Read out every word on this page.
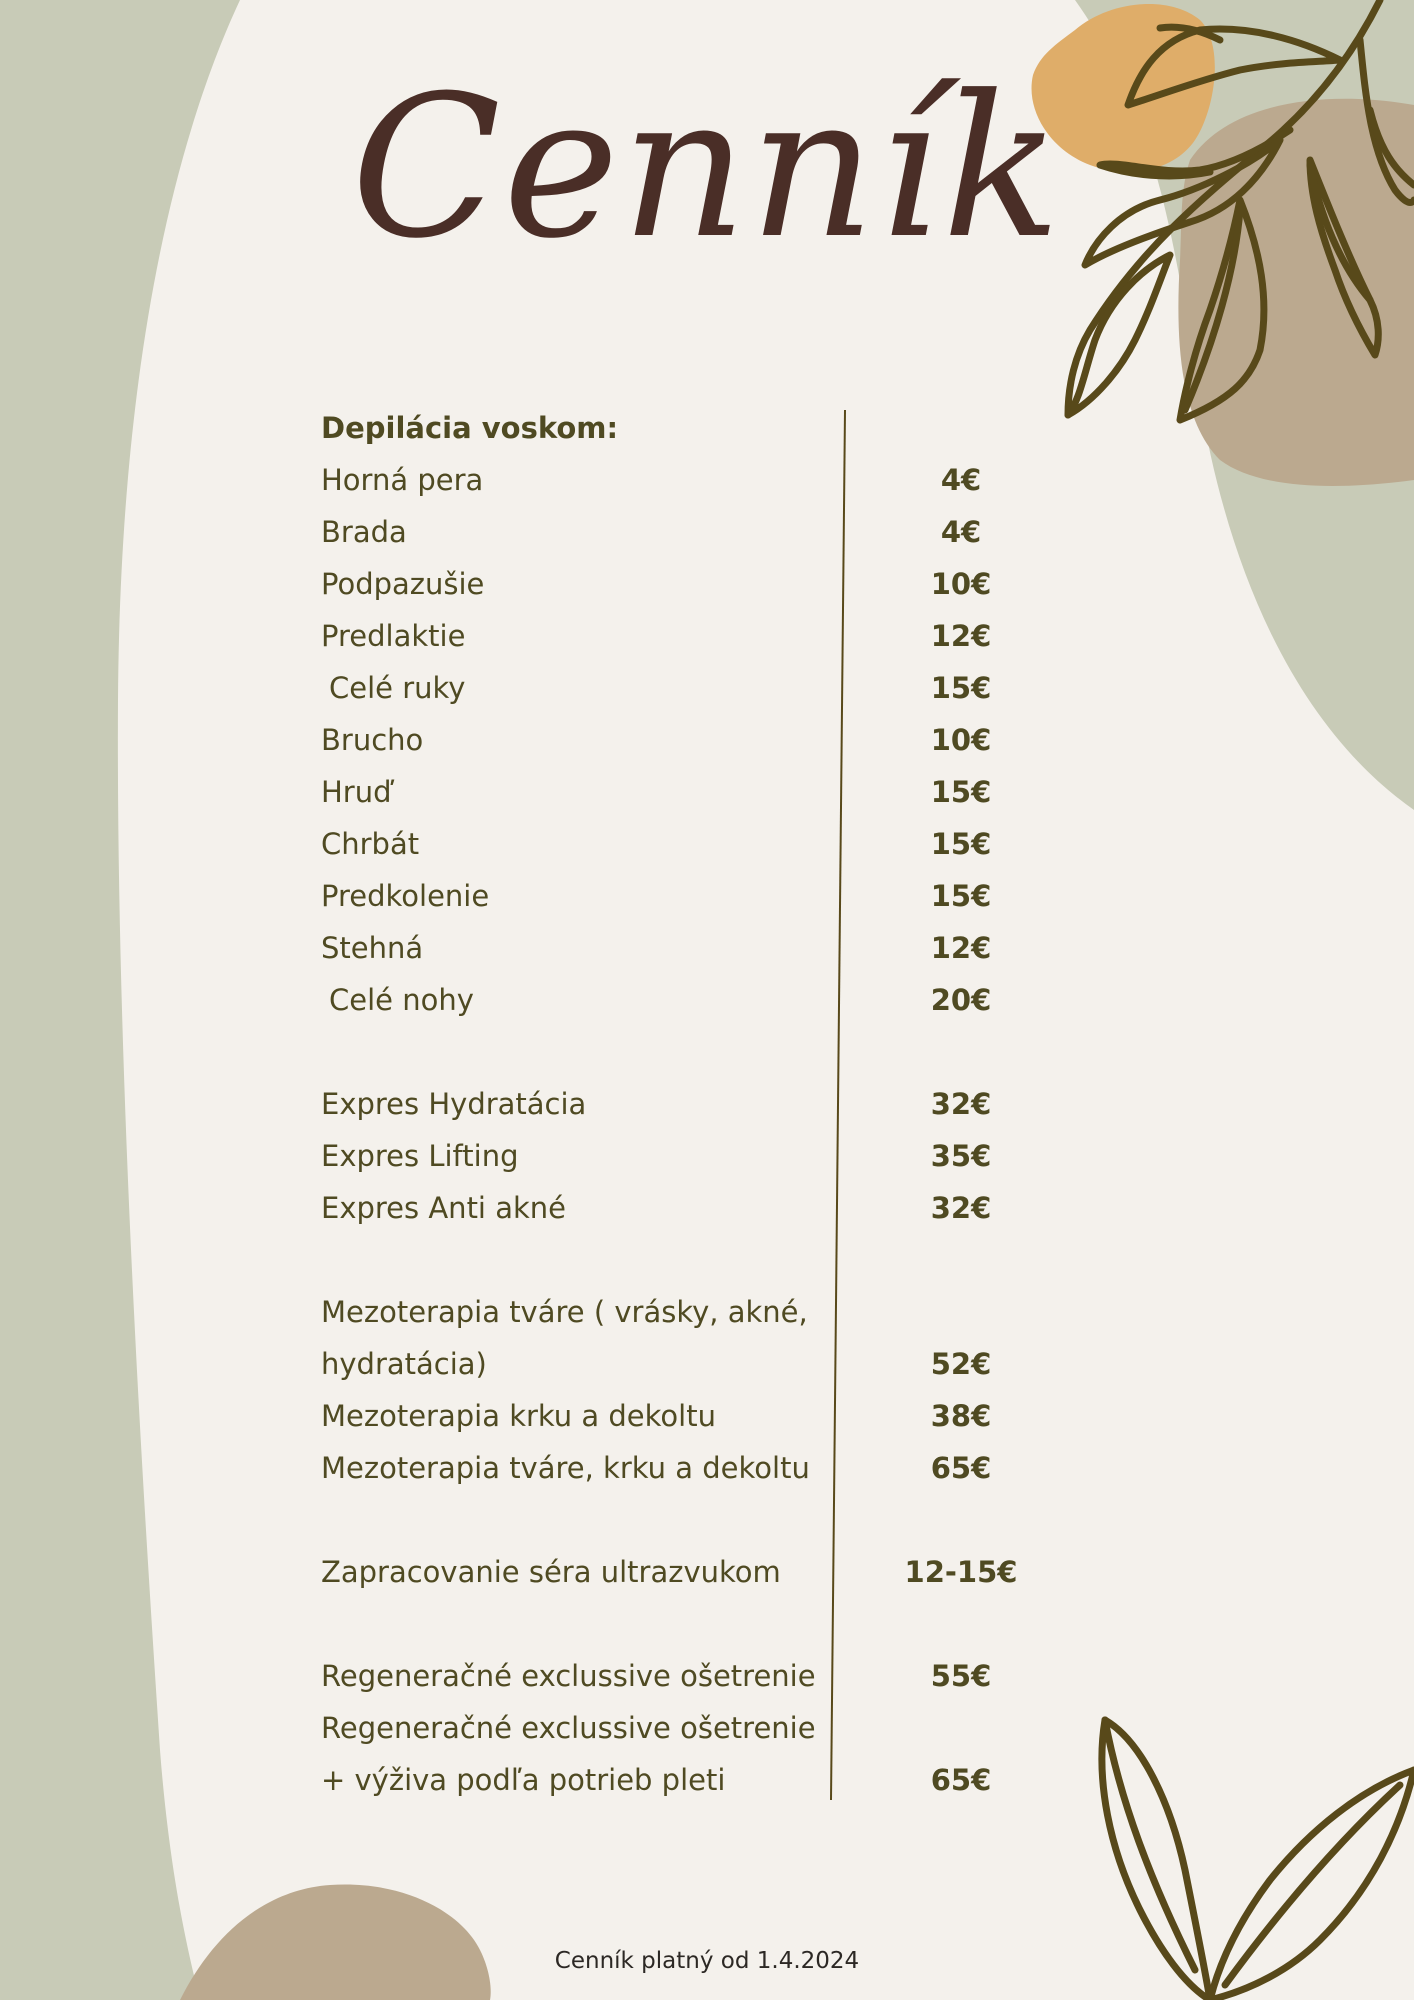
Cenník
Depilácia voskom:
Horná pera	4€
Brada	4€
Podpazušie	10€
Predlaktie	12€
Celé ruky	15€
Brucho	10€
Hruď	15€
Chrbát	15€
Predkolenie	15€
Stehná	12€
Celé nohy	20€
Expres Hydratácia	32€
Expres Lifting	35€
Expres Anti akné	32€
Mezoterapia tváre ( vrásky, akné,
hydratácia)	52€
Mezoterapia krku a dekoltu	38€
Mezoterapia tváre, krku a dekoltu	65€
Zapracovanie séra ultrazvukom	12-15€
Regeneračné exclussive ošetrenie	55€
Regeneračné exclussive ošetrenie
+ výživa podľa potrieb pleti	65€
Cenník platný od 1.4.2024
